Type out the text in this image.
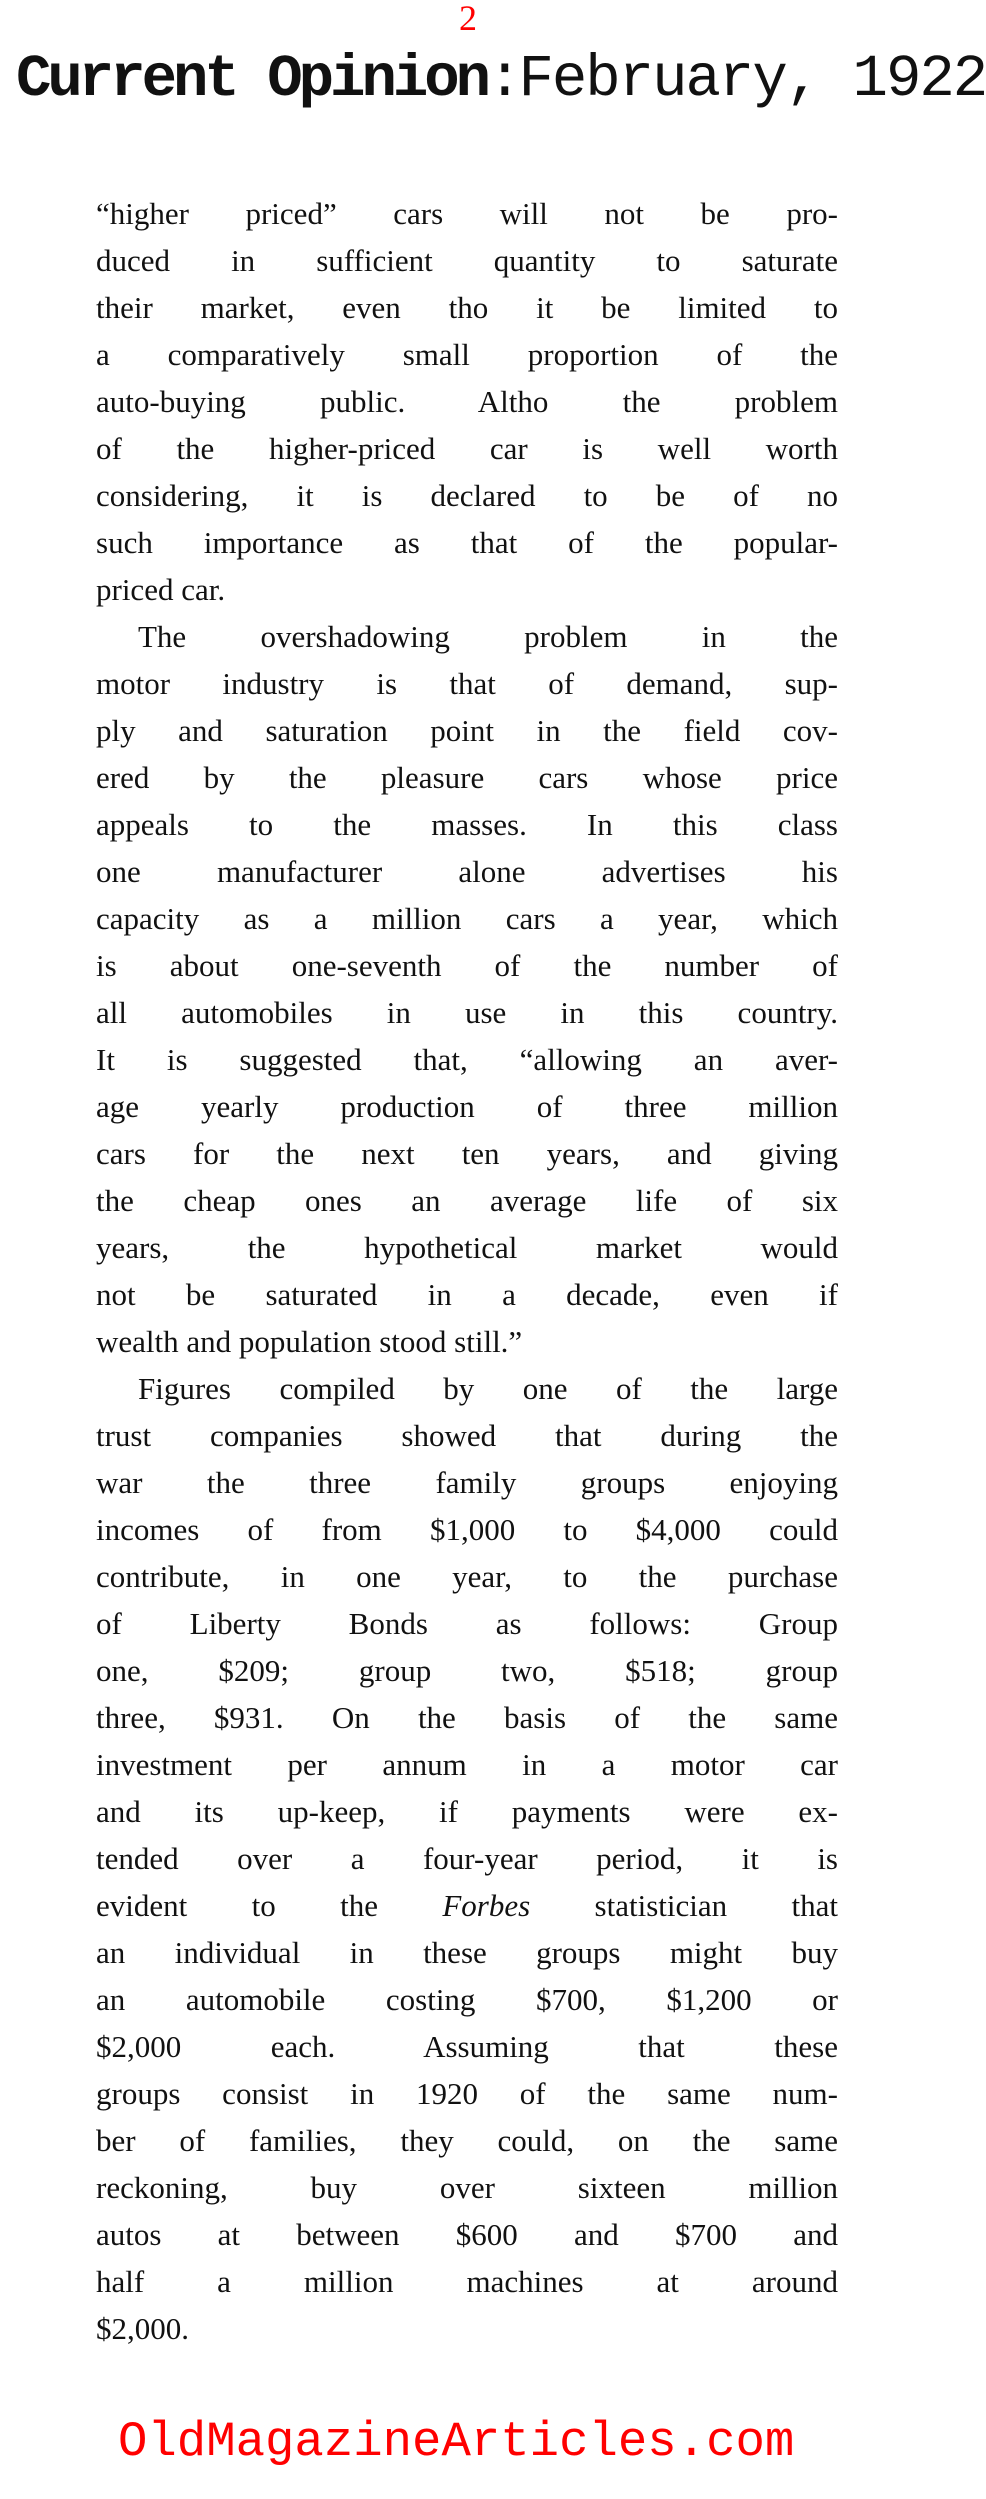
2
Current Opinion:February, 1922
“higher priced” cars will not be pro-
duced in sufficient quantity to saturate
their market, even tho it be limited to
a comparatively small proportion of the
auto-buying public. Altho the problem
of the higher-priced car is well worth
considering, it is declared to be of no
such importance as that of the popular-
priced car.
The overshadowing problem in the
motor industry is that of demand, sup-
ply and saturation point in the field cov-
ered by the pleasure cars whose price
appeals to the masses. In this class
one manufacturer alone advertises his
capacity as a million cars a year, which
is about one-seventh of the number of
all automobiles in use in this country.
It is suggested that, “allowing an aver-
age yearly production of three million
cars for the next ten years, and giving
the cheap ones an average life of six
years, the hypothetical market would
not be saturated in a decade, even if
wealth and population stood still.”
Figures compiled by one of the large
trust companies showed that during the
war the three family groups enjoying
incomes of from $1,000 to $4,000 could
contribute, in one year, to the purchase
of Liberty Bonds as follows: Group
one, $209; group two, $518; group
three, $931. On the basis of the same
investment per annum in a motor car
and its up-keep, if payments were ex-
tended over a four-year period, it is
evident to the Forbes statistician that
an individual in these groups might buy
an automobile costing $700, $1,200 or
$2,000 each. Assuming that these
groups consist in 1920 of the same num-
ber of families, they could, on the same
reckoning, buy over sixteen million
autos at between $600 and $700 and
half a million machines at around
$2,000.
OldMagazineArticles.com
